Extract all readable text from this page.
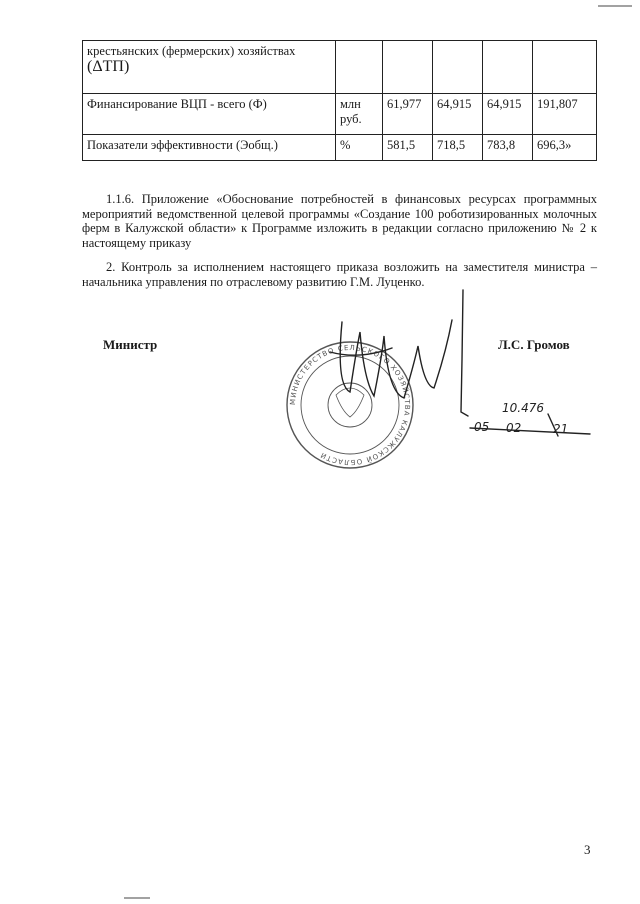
крестьянских (фермерских) хозяйствах (ΔТП)					
Финансирование ВЦП - всего (Ф)	млн руб.	61,977	64,915	64,915	191,807
Показатели эффективности (Эобщ.)	%	581,5	718,5	783,8	696,3»
1.1.6. Приложение «Обоснование потребностей в финансовых ресурсах программных мероприятий ведомственной целевой программы «Создание 100 роботизированных молочных ферм в Калужской области» к Программе изложить в редакции согласно приложению № 2 к настоящему приказу
2. Контроль за исполнением настоящего приказа возложить на заместителя министра – начальника управления по отраслевому развитию Г.М. Луценко.
Министр	Л.С. Громов
МИНИСТЕРСТВО СЕЛЬСКОГО ХОЗЯЙСТВА КАЛУЖСКОЙ ОБЛАСТИ
10.476
05 02	21
3
